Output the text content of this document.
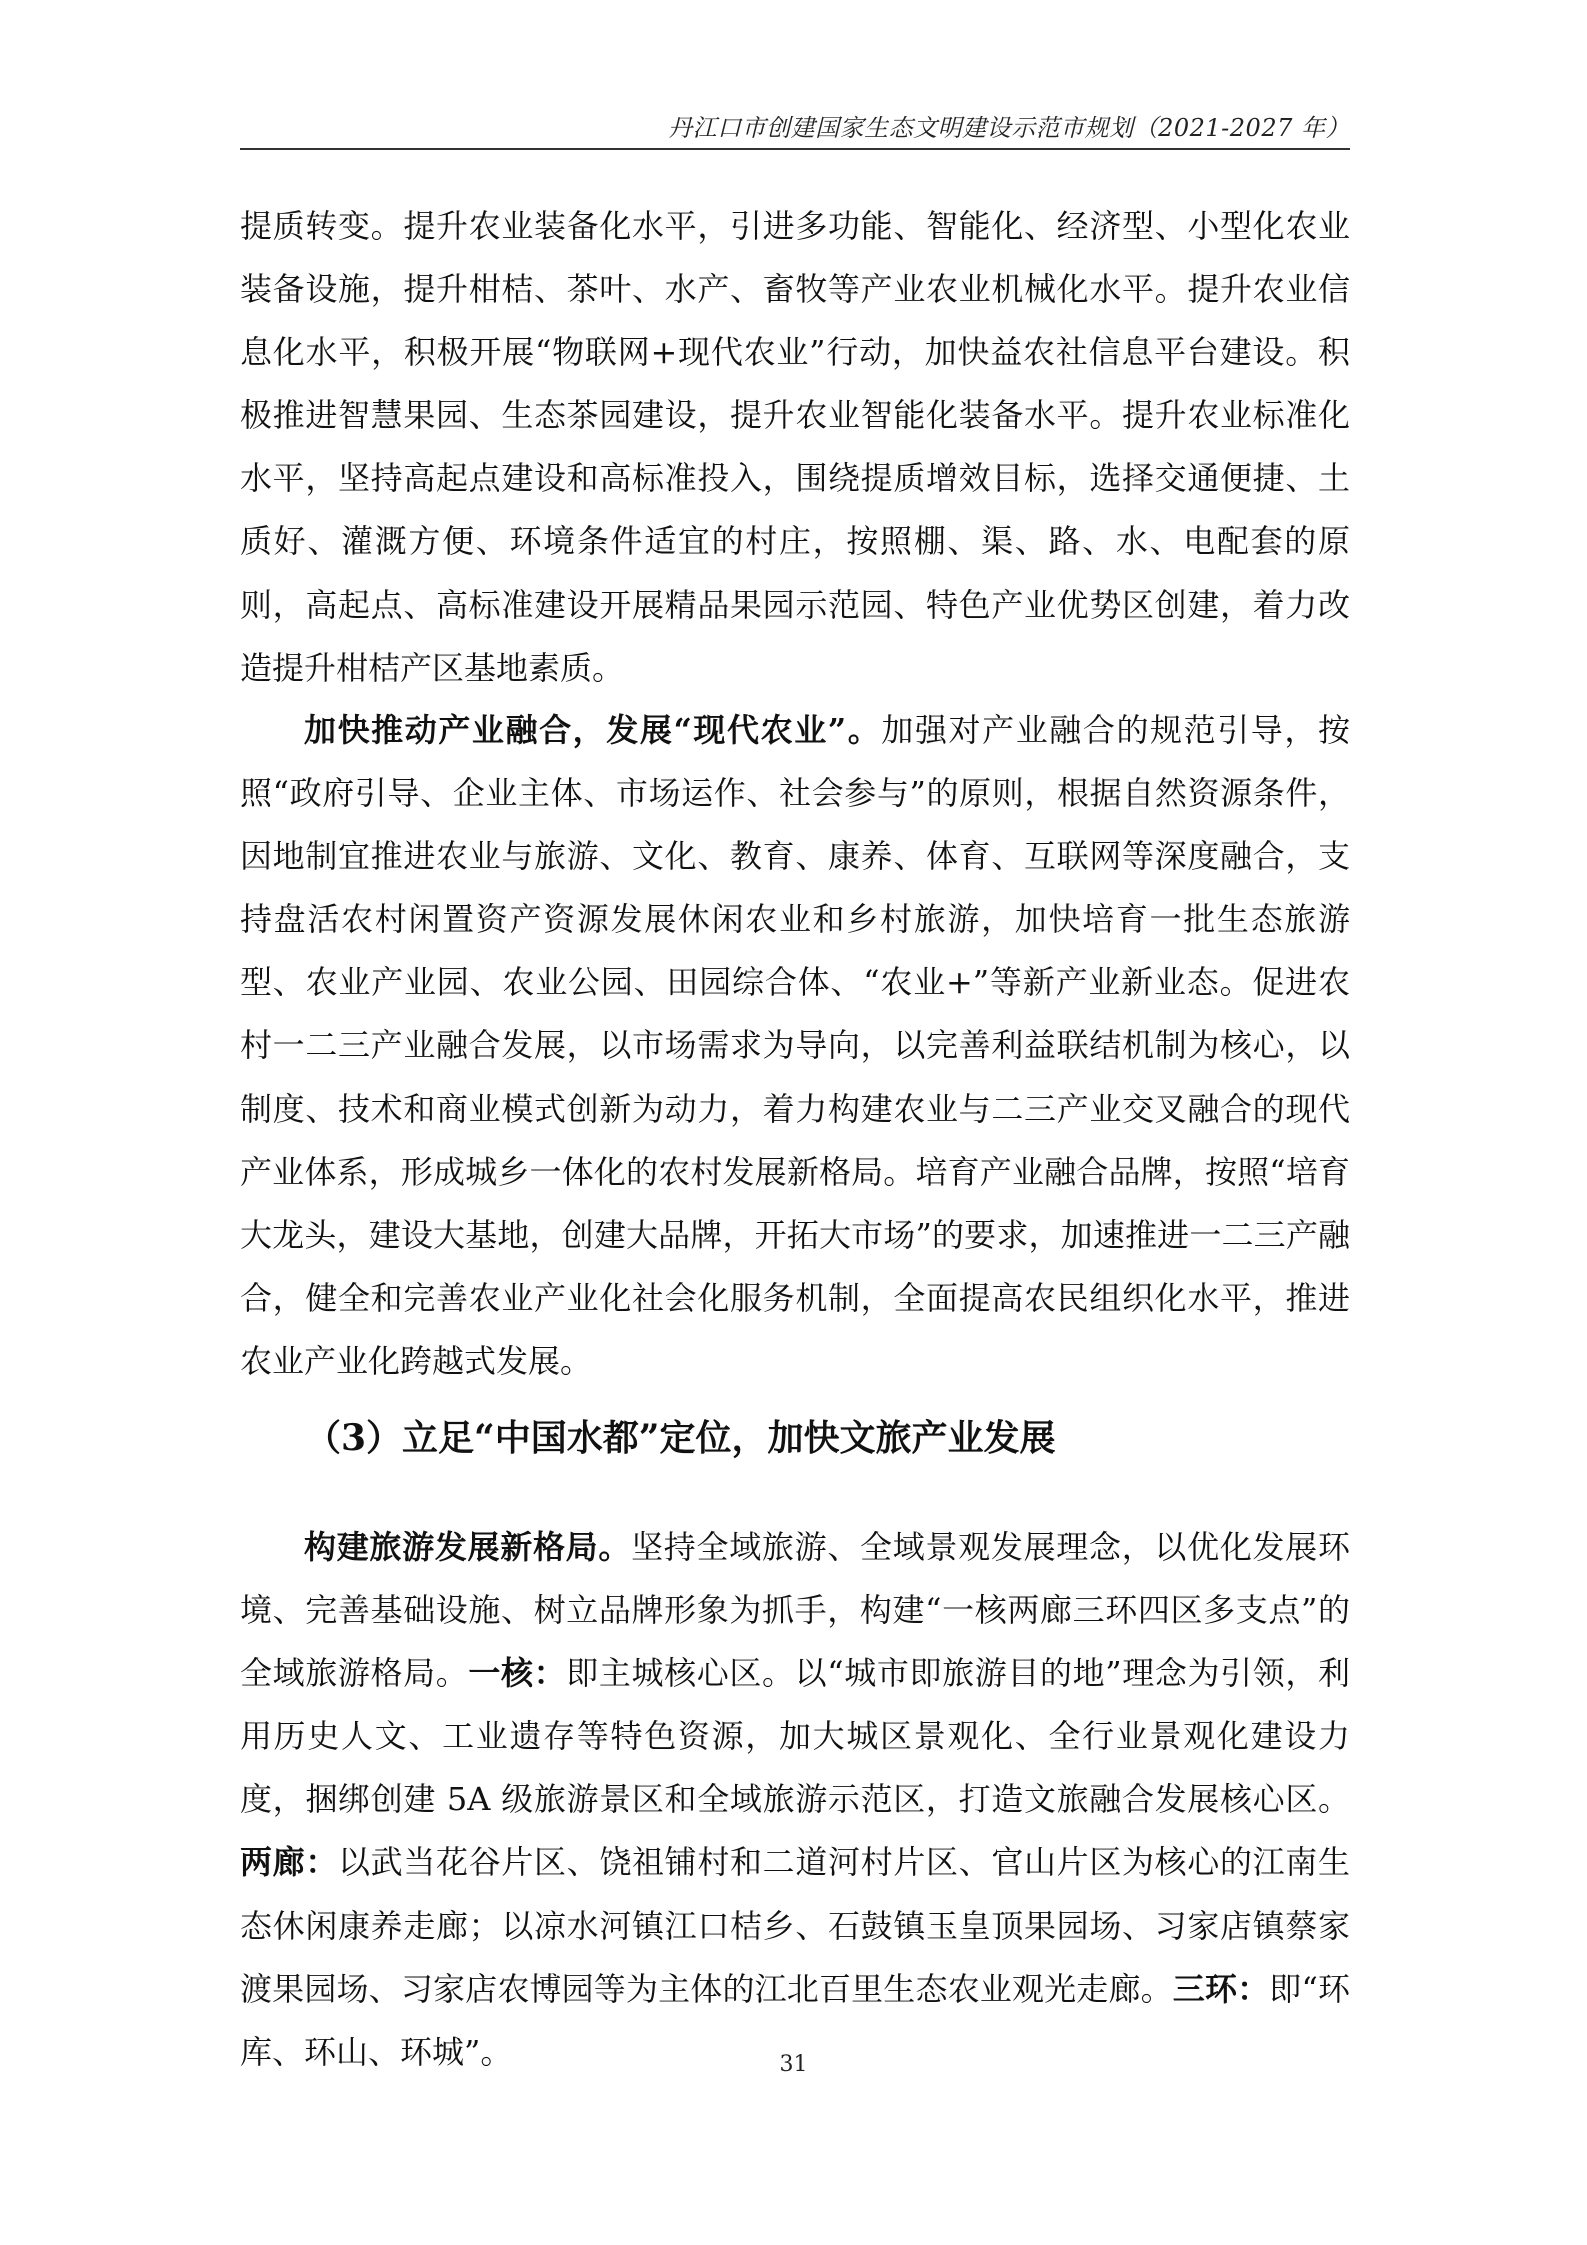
丹江口市创建国家生态文明建设示范市规划（2021-2027 年）

提质转变。提升农业装备化水平，引进多功能、智能化、经济型、小型化农业装备设施，提升柑桔、茶叶、水产、畜牧等产业农业机械化水平。提升农业信息化水平，积极开展“物联网+现代农业”行动，加快益农社信息平台建设。积极推进智慧果园、生态茶园建设，提升农业智能化装备水平。提升农业标准化水平，坚持高起点建设和高标准投入，围绕提质增效目标，选择交通便捷、土质好、灌溉方便、环境条件适宜的村庄，按照棚、渠、路、水、电配套的原则，高起点、高标准建设开展精品果园示范园、特色产业优势区创建，着力改造提升柑桔产区基地素质。

加快推动产业融合，发展“现代农业”。加强对产业融合的规范引导，按照“政府引导、企业主体、市场运作、社会参与”的原则，根据自然资源条件，因地制宜推进农业与旅游、文化、教育、康养、体育、互联网等深度融合，支持盘活农村闲置资产资源发展休闲农业和乡村旅游，加快培育一批生态旅游型、农业产业园、农业公园、田园综合体、“农业+”等新产业新业态。促进农村一二三产业融合发展，以市场需求为导向，以完善利益联结机制为核心，以制度、技术和商业模式创新为动力，着力构建农业与二三产业交叉融合的现代产业体系，形成城乡一体化的农村发展新格局。培育产业融合品牌，按照“培育大龙头，建设大基地，创建大品牌，开拓大市场”的要求，加速推进一二三产融合，健全和完善农业产业化社会化服务机制，全面提高农民组织化水平，推进农业产业化跨越式发展。

（3）立足“中国水都”定位，加快文旅产业发展

构建旅游发展新格局。坚持全域旅游、全域景观发展理念，以优化发展环境、完善基础设施、树立品牌形象为抓手，构建“一核两廊三环四区多支点”的全域旅游格局。一核：即主城核心区。以“城市即旅游目的地”理念为引领，利用历史人文、工业遗存等特色资源，加大城区景观化、全行业景观化建设力度，捆绑创建 5A 级旅游景区和全域旅游示范区，打造文旅融合发展核心区。两廊：以武当花谷片区、饶祖铺村和二道河村片区、官山片区为核心的江南生态休闲康养走廊；以凉水河镇江口桔乡、石鼓镇玉皇顶果园场、习家店镇蔡家渡果园场、习家店农博园等为主体的江北百里生态农业观光走廊。三环：即“环库、环山、环城”。	31
